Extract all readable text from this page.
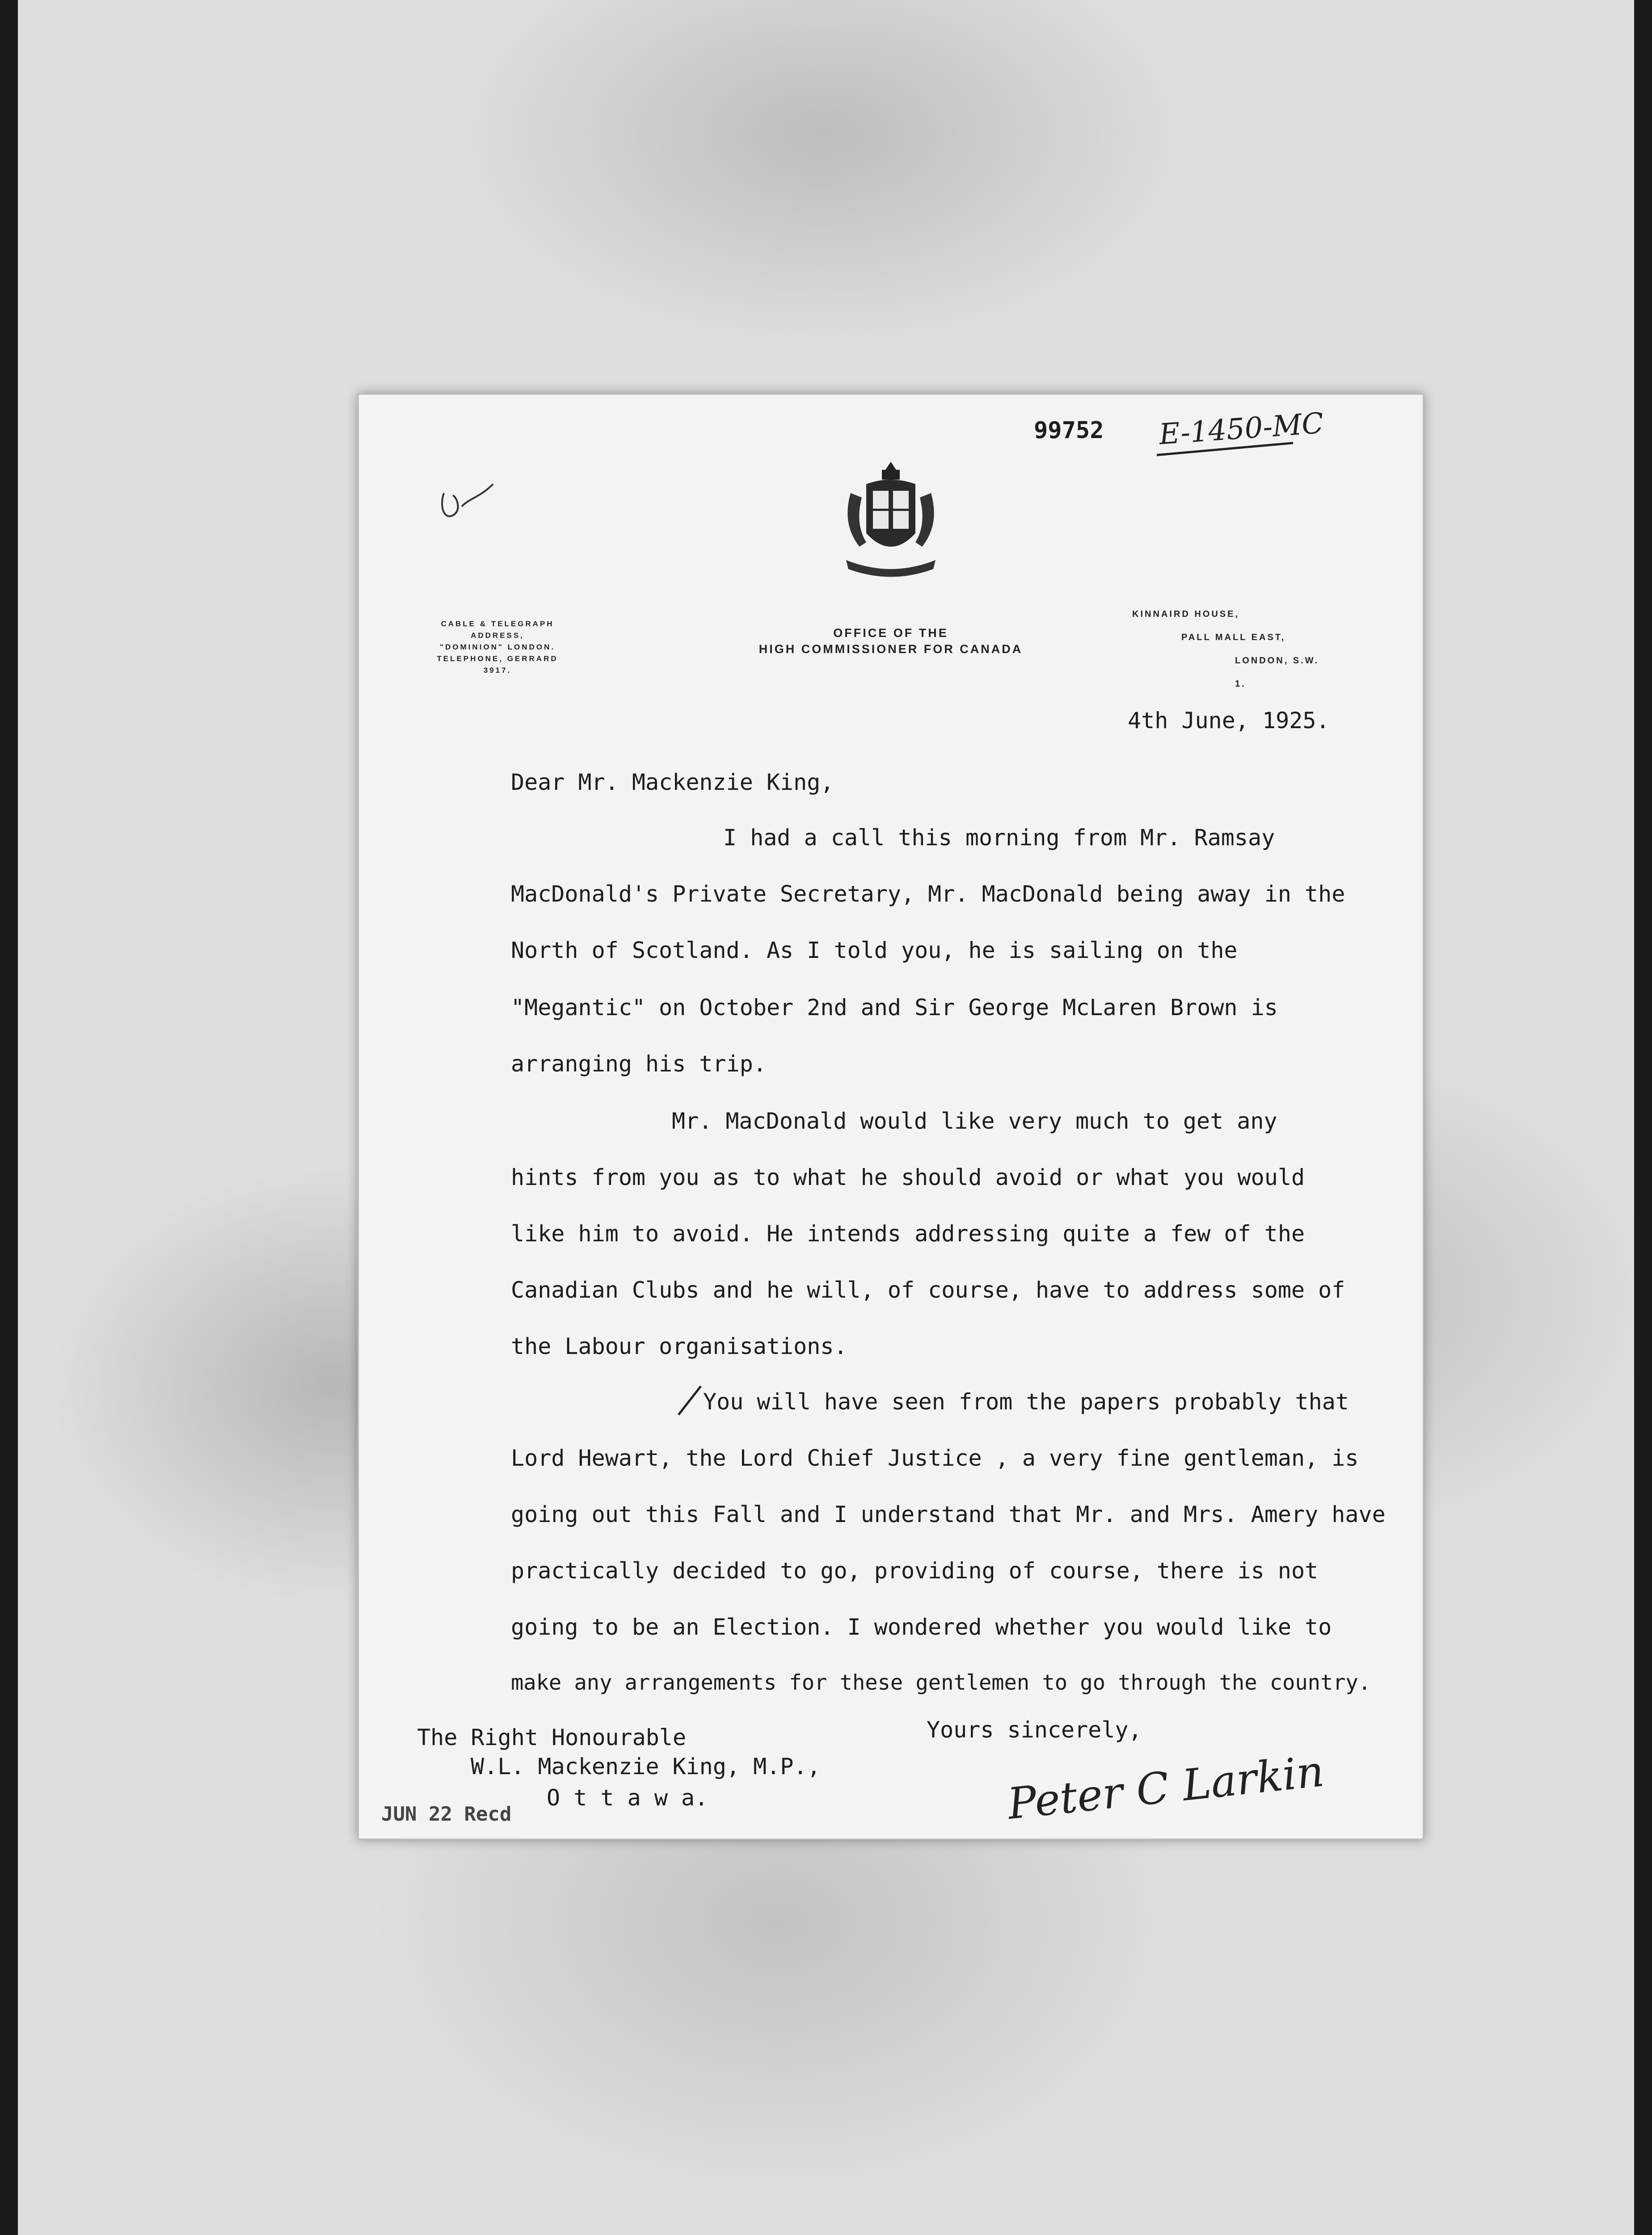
99752 E-1450-MC
CABLE & TELEGRAPH ADDRESS,
"DOMINION" LONDON.
TELEPHONE, GERRARD 3917.
OFFICE OF THE
HIGH COMMISSIONER FOR CANADA
KINNAIRD HOUSE,
PALL MALL EAST,
LONDON, S.W. 1.
4th June, 1925.
Dear Mr. Mackenzie King,
I had a call this morning from Mr. Ramsay
MacDonald's Private Secretary, Mr. MacDonald being away in the
North of Scotland. As I told you, he is sailing on the
"Megantic" on October 2nd and Sir George McLaren Brown is
arranging his trip.
Mr. MacDonald would like very much to get any
hints from you as to what he should avoid or what you would
like him to avoid. He intends addressing quite a few of the
Canadian Clubs and he will, of course, have to address some of
the Labour organisations.
You will have seen from the papers probably that
Lord Hewart, the Lord Chief Justice , a very fine gentleman, is
going out this Fall and I understand that Mr. and Mrs. Amery have
practically decided to go, providing of course, there is not
going to be an Election. I wondered whether you would like to
make any arrangements for these gentlemen to go through the country.
Yours sincerely,
The Right Honourable
W.L. Mackenzie King, M.P.,
O t t a w a.	Peter C Larkin
JUN 22 Recd
